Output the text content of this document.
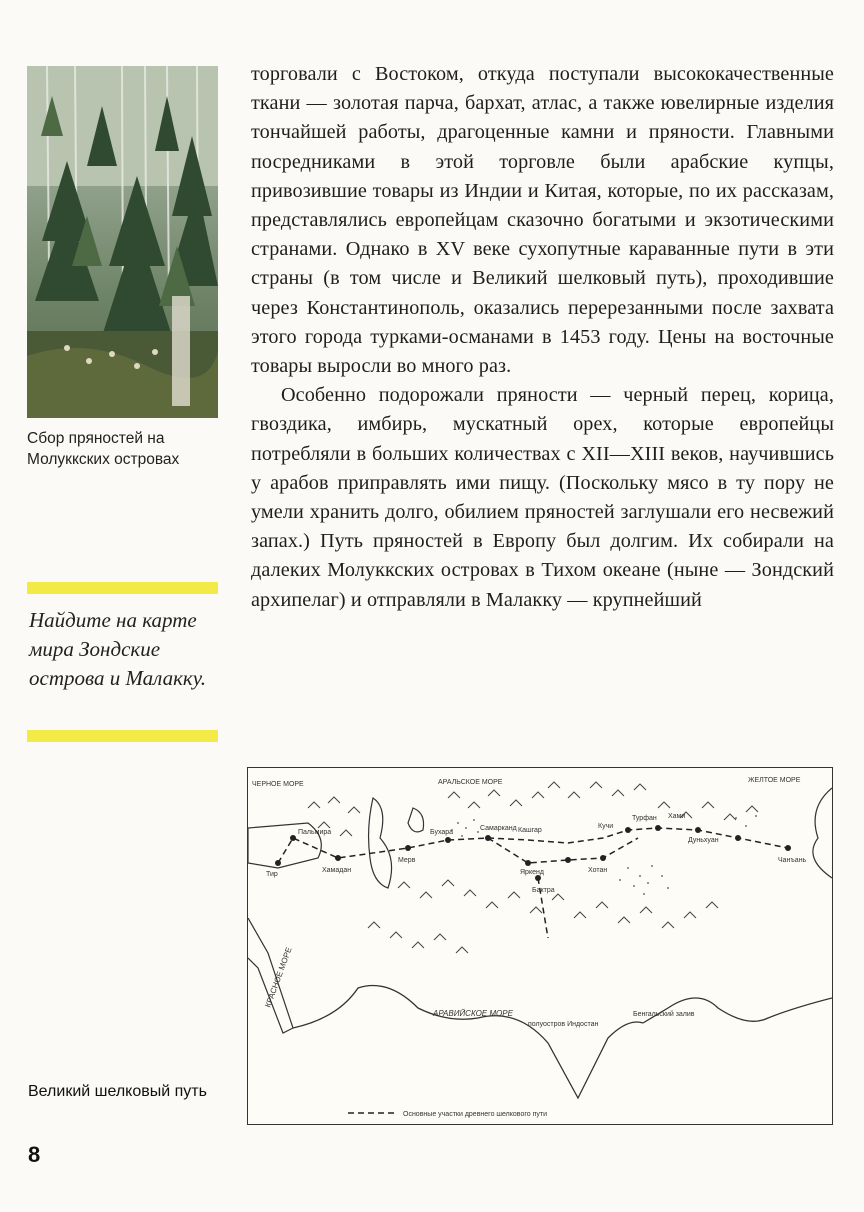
Сбор пряностей на Молуккских островах
Найдите на карте мира Зондские острова и Малакку.

торговали с Востоком, откуда поступали высококачественные ткани — золотая парча, бархат, атлас, а также ювелирные изделия тончайшей работы, драгоценные камни и пряности. Главными посредниками в этой торговле были арабские купцы, привозившие товары из Индии и Китая, которые, по их рассказам, представлялись европейцам сказочно богатыми и экзотическими странами. Однако в XV веке сухопутные караванные пути в эти страны (в том числе и Великий шелковый путь), проходившие через Константинополь, оказались перерезанными после захвата этого города турками-османами в 1453 году. Цены на восточные товары выросли во много раз.

Особенно подорожали пряности — черный перец, корица, гвоздика, имбирь, мускатный орех, которые европейцы потребляли в больших количествах с XII—XIII веков, научившись у арабов приправлять ими пищу. (Поскольку мясо в ту пору не умели хранить долго, обилием пряностей заглушали его несвежий запах.) Путь пряностей в Европу был долгим. Их собирали на далеких Молуккских островах в Тихом океане (ныне — Зондский архипелаг) и отправляли в Малакку — крупнейший

ЧЕРНОЕ МОРЕ	АРАЛЬСКОЕ МОРЕ	ЖЕЛТОЕ МОРЕ
КРАСНОЕ МОРЕ
АРАВИЙСКОЕ МОРЕ
полуостров Индостан
Бенгальский залив
Тир
Пальмира
Хамадан
Мерв
Бухара
Самарканд Кашгар
Яркенд	Хотан
Кучи
Турфан Хами
Дуньхуан
Чанъань
Бактра
Основные участки древнего шелкового пути
Великий шелковый путь
8
